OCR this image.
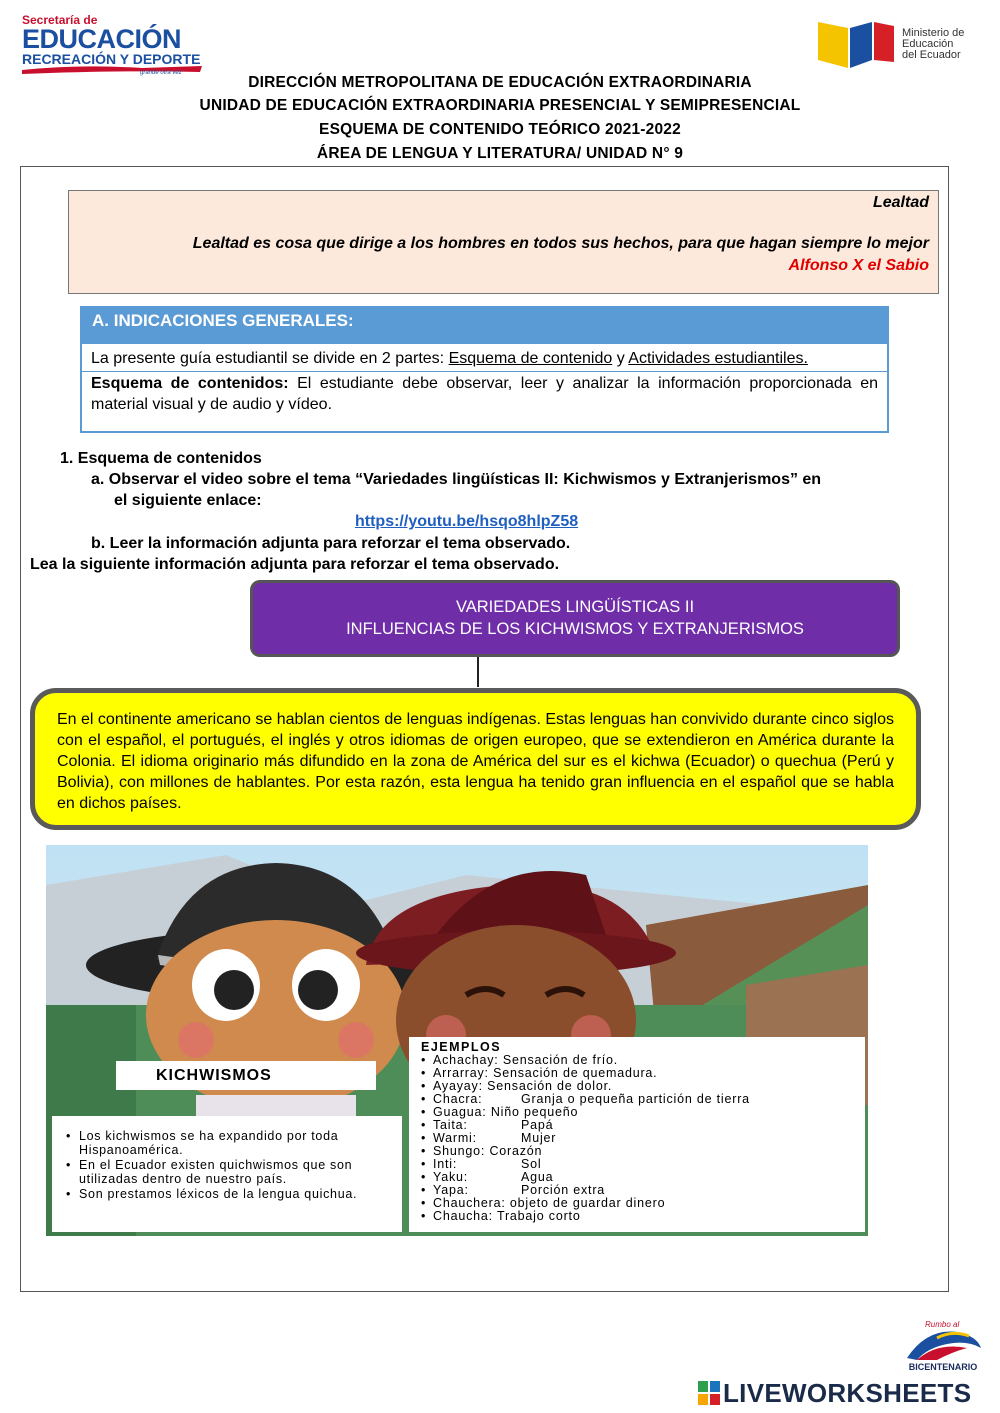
Secretaría de
EDUCACIÓN
RECREACIÓN Y DEPORTE
grande otra vez
Ministerio de
Educación
del Ecuador
DIRECCIÓN METROPOLITANA DE EDUCACIÓN EXTRAORDINARIA
UNIDAD DE EDUCACIÓN EXTRAORDINARIA PRESENCIAL Y SEMIPRESENCIAL
ESQUEMA DE CONTENIDO TEÓRICO 2021-2022
ÁREA DE LENGUA Y LITERATURA/ UNIDAD N° 9
Lealtad
Lealtad es cosa que dirige a los hombres en todos sus hechos, para que hagan siempre lo mejor
Alfonso X el Sabio
A. INDICACIONES GENERALES:
La presente guía estudiantil se divide en 2 partes: Esquema de contenido y Actividades estudiantiles.
Esquema de contenidos: El estudiante debe observar, leer y analizar la información proporcionada en material visual y de audio y vídeo.
1. Esquema de contenidos
a. Observar el video sobre el tema “Variedades lingüísticas II: Kichwismos y Extranjerismos” en
el siguiente enlace:
https://youtu.be/hsqo8hlpZ58
b. Leer la información adjunta para reforzar el tema observado.
Lea la siguiente información adjunta para reforzar el tema observado.
VARIEDADES LINGÜÍSTICAS II
INFLUENCIAS DE LOS KICHWISMOS Y EXTRANJERISMOS
En el continente americano se hablan cientos de lenguas indígenas. Estas lenguas han convivido durante cinco siglos con el español, el portugués, el inglés y otros idiomas de origen europeo, que se extendieron en América durante la Colonia. El idioma originario más difundido en la zona de América del sur es el kichwa (Ecuador) o quechua (Perú y Bolivia), con millones de hablantes. Por esta razón, esta lengua ha tenido gran influencia en el español que se habla en dichos países.
KICHWISMOS
• Los kichwismos se ha expandido por toda Hispanoamérica.
• En el Ecuador existen quichwismos que son utilizadas dentro de nuestro país.
• Son prestamos léxicos de la lengua quichua.
EJEMPLOS
• Achachay: Sensación de frío.
• Arrarray: Sensación de quemadura.
• Ayayay: Sensación de dolor.
• Chacra:	Granja o pequeña partición de tierra
• Guagua: Niño pequeño
• Taita:	Papá
• Warmi:	Mujer
• Shungo: Corazón
• Inti:	Sol
• Yaku:	Agua
• Yapa:	Porción extra
• Chauchera: objeto de guardar dinero
• Chaucha: Trabajo corto
Rumbo al
BICENTENARIO
LIVEWORKSHEETS
